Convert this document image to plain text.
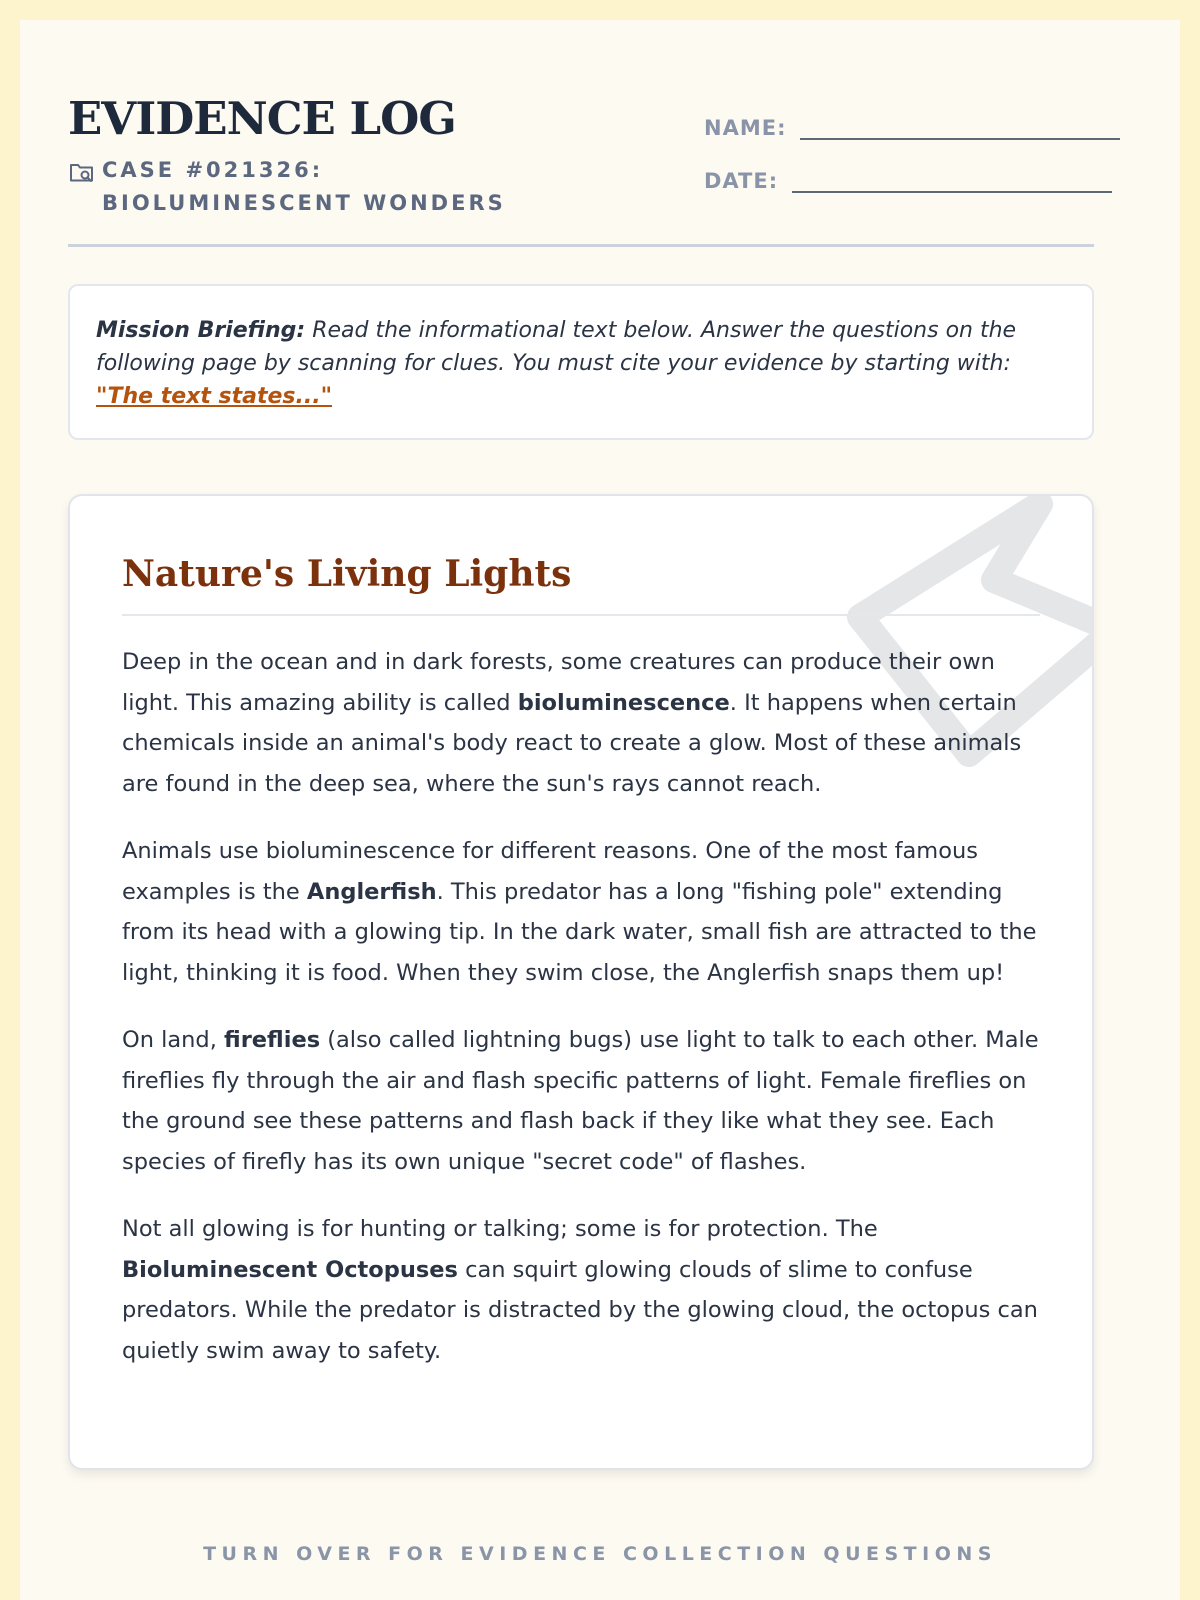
EVIDENCE LOG
CASE #021326: BIOLUMINESCENT WONDERS
NAME:
DATE:
Mission Briefing: Read the informational text below. Answer the questions on the following page by scanning for clues. You must cite your evidence by starting with: "The text states..."
Nature's Living Lights

Deep in the ocean and in dark forests, some creatures can produce their own light. This amazing ability is called bioluminescence. It happens when certain chemicals inside an animal's body react to create a glow. Most of these animals are found in the deep sea, where the sun's rays cannot reach.

Animals use bioluminescence for different reasons. One of the most famous examples is the Anglerfish. This predator has a long "fishing pole" extending from its head with a glowing tip. In the dark water, small fish are attracted to the light, thinking it is food. When they swim close, the Anglerfish snaps them up!

On land, fireflies (also called lightning bugs) use light to talk to each other. Male fireflies fly through the air and flash specific patterns of light. Female fireflies on the ground see these patterns and flash back if they like what they see. Each species of firefly has its own unique "secret code" of flashes.

Not all glowing is for hunting or talking; some is for protection. The Bioluminescent Octopuses can squirt glowing clouds of slime to confuse predators. While the predator is distracted by the glowing cloud, the octopus can quietly swim away to safety.

TURN OVER FOR EVIDENCE COLLECTION QUESTIONS
